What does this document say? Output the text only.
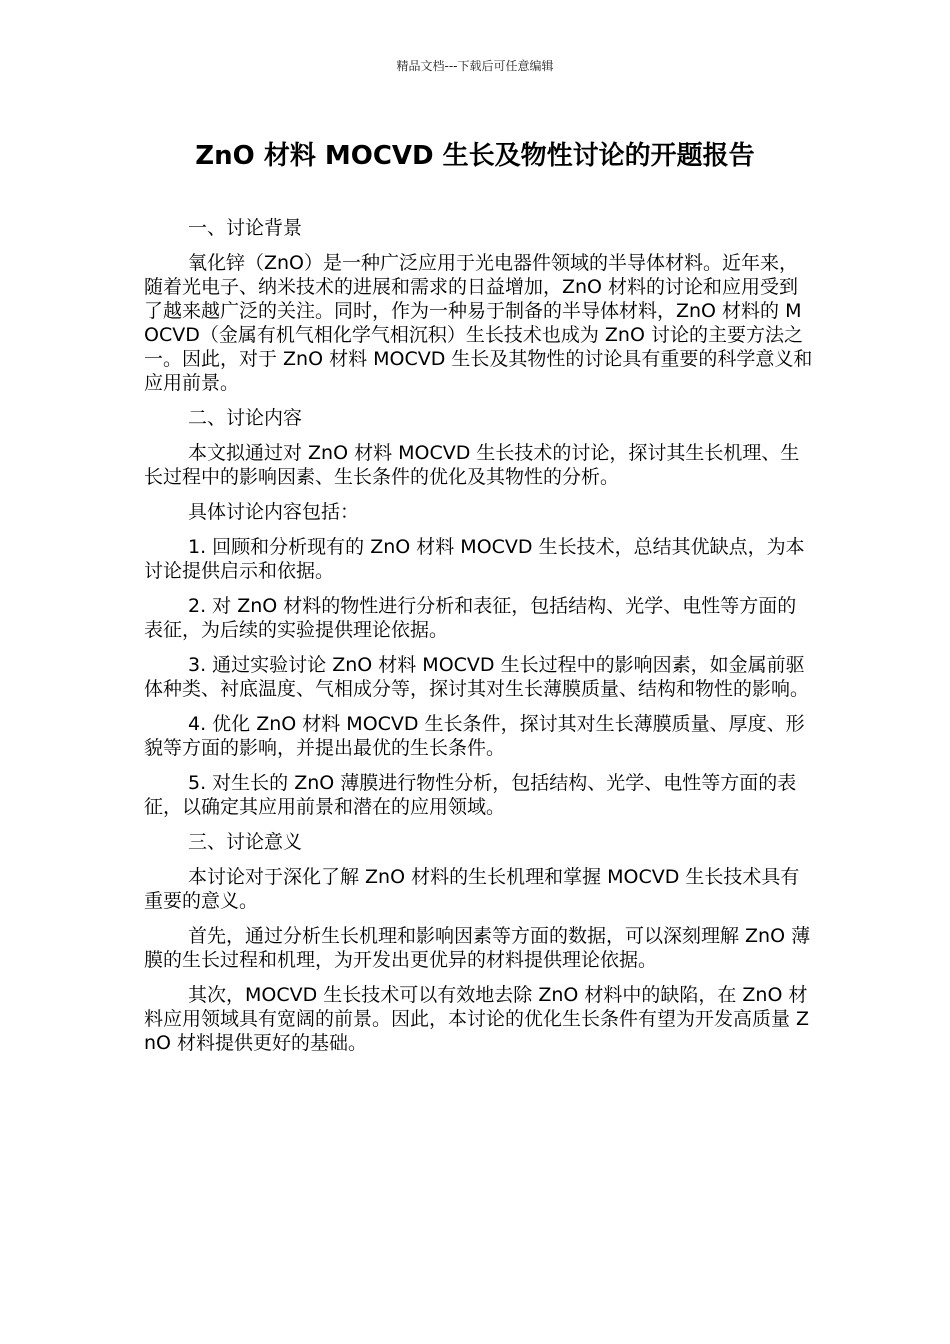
精品文档---下载后可任意编辑
ZnO 材料 MOCVD 生长及物性讨论的开题报告

一、讨论背景

氧化锌（ZnO）是一种广泛应用于光电器件领域的半导体材料。近年来，随着光电子、纳米技术的进展和需求的日益增加，ZnO 材料的讨论和应用受到了越来越广泛的关注。同时，作为一种易于制备的半导体材料，ZnO 材料的 MOCVD（金属有机气相化学气相沉积）生长技术也成为 ZnO 讨论的主要方法之一。因此，对于 ZnO 材料 MOCVD 生长及其物性的讨论具有重要的科学意义和应用前景。

二、讨论内容

本文拟通过对 ZnO 材料 MOCVD 生长技术的讨论，探讨其生长机理、生长过程中的影响因素、生长条件的优化及其物性的分析。

具体讨论内容包括：

1. 回顾和分析现有的 ZnO 材料 MOCVD 生长技术，总结其优缺点，为本讨论提供启示和依据。

2. 对 ZnO 材料的物性进行分析和表征，包括结构、光学、电性等方面的表征，为后续的实验提供理论依据。

3. 通过实验讨论 ZnO 材料 MOCVD 生长过程中的影响因素，如金属前驱体种类、衬底温度、气相成分等，探讨其对生长薄膜质量、结构和物性的影响。

4. 优化 ZnO 材料 MOCVD 生长条件，探讨其对生长薄膜质量、厚度、形貌等方面的影响，并提出最优的生长条件。

5. 对生长的 ZnO 薄膜进行物性分析，包括结构、光学、电性等方面的表征，以确定其应用前景和潜在的应用领域。

三、讨论意义

本讨论对于深化了解 ZnO 材料的生长机理和掌握 MOCVD 生长技术具有重要的意义。

首先，通过分析生长机理和影响因素等方面的数据，可以深刻理解 ZnO 薄膜的生长过程和机理，为开发出更优异的材料提供理论依据。

其次，MOCVD 生长技术可以有效地去除 ZnO 材料中的缺陷，在 ZnO 材料应用领域具有宽阔的前景。因此，本讨论的优化生长条件有望为开发高质量 ZnO 材料提供更好的基础。
